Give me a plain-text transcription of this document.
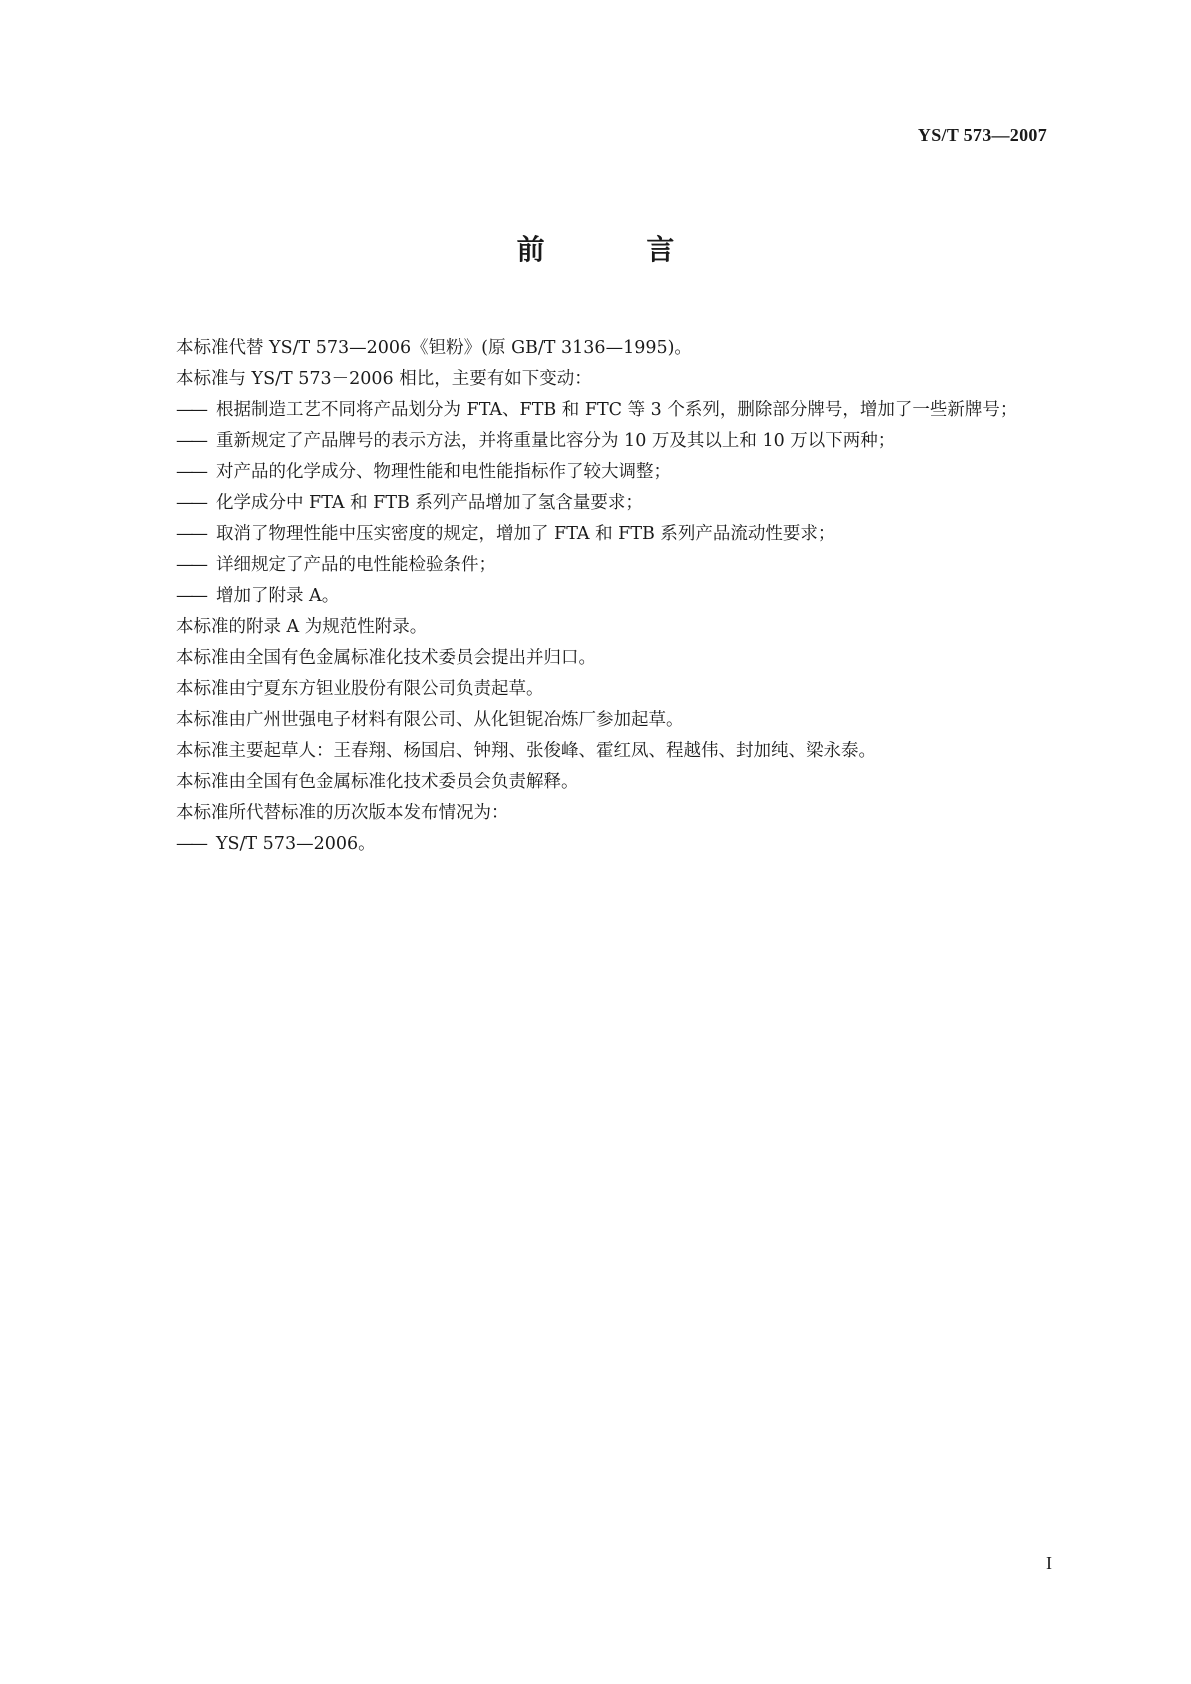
YS/T 573—2007
前 言

本标准代替 YS/T 573—2006《钽粉》(原 GB/T 3136—1995)。

本标准与 YS/T 573－2006 相比，主要有如下变动：

—— 根据制造工艺不同将产品划分为 FTA、FTB 和 FTC 等 3 个系列，删除部分牌号，增加了一些新牌号；
—— 重新规定了产品牌号的表示方法，并将重量比容分为 10 万及其以上和 10 万以下两种；
—— 对产品的化学成分、物理性能和电性能指标作了较大调整；
—— 化学成分中 FTA 和 FTB 系列产品增加了氢含量要求；
—— 取消了物理性能中压实密度的规定，增加了 FTA 和 FTB 系列产品流动性要求；
—— 详细规定了产品的电性能检验条件；
—— 增加了附录 A。

本标准的附录 A 为规范性附录。

本标准由全国有色金属标准化技术委员会提出并归口。

本标准由宁夏东方钽业股份有限公司负责起草。

本标准由广州世强电子材料有限公司、从化钽铌冶炼厂参加起草。

本标准主要起草人：王春翔、杨国启、钟翔、张俊峰、霍红凤、程越伟、封加纯、梁永泰。

本标准由全国有色金属标准化技术委员会负责解释。

本标准所代替标准的历次版本发布情况为：

—— YS/T 573—2006。
I
